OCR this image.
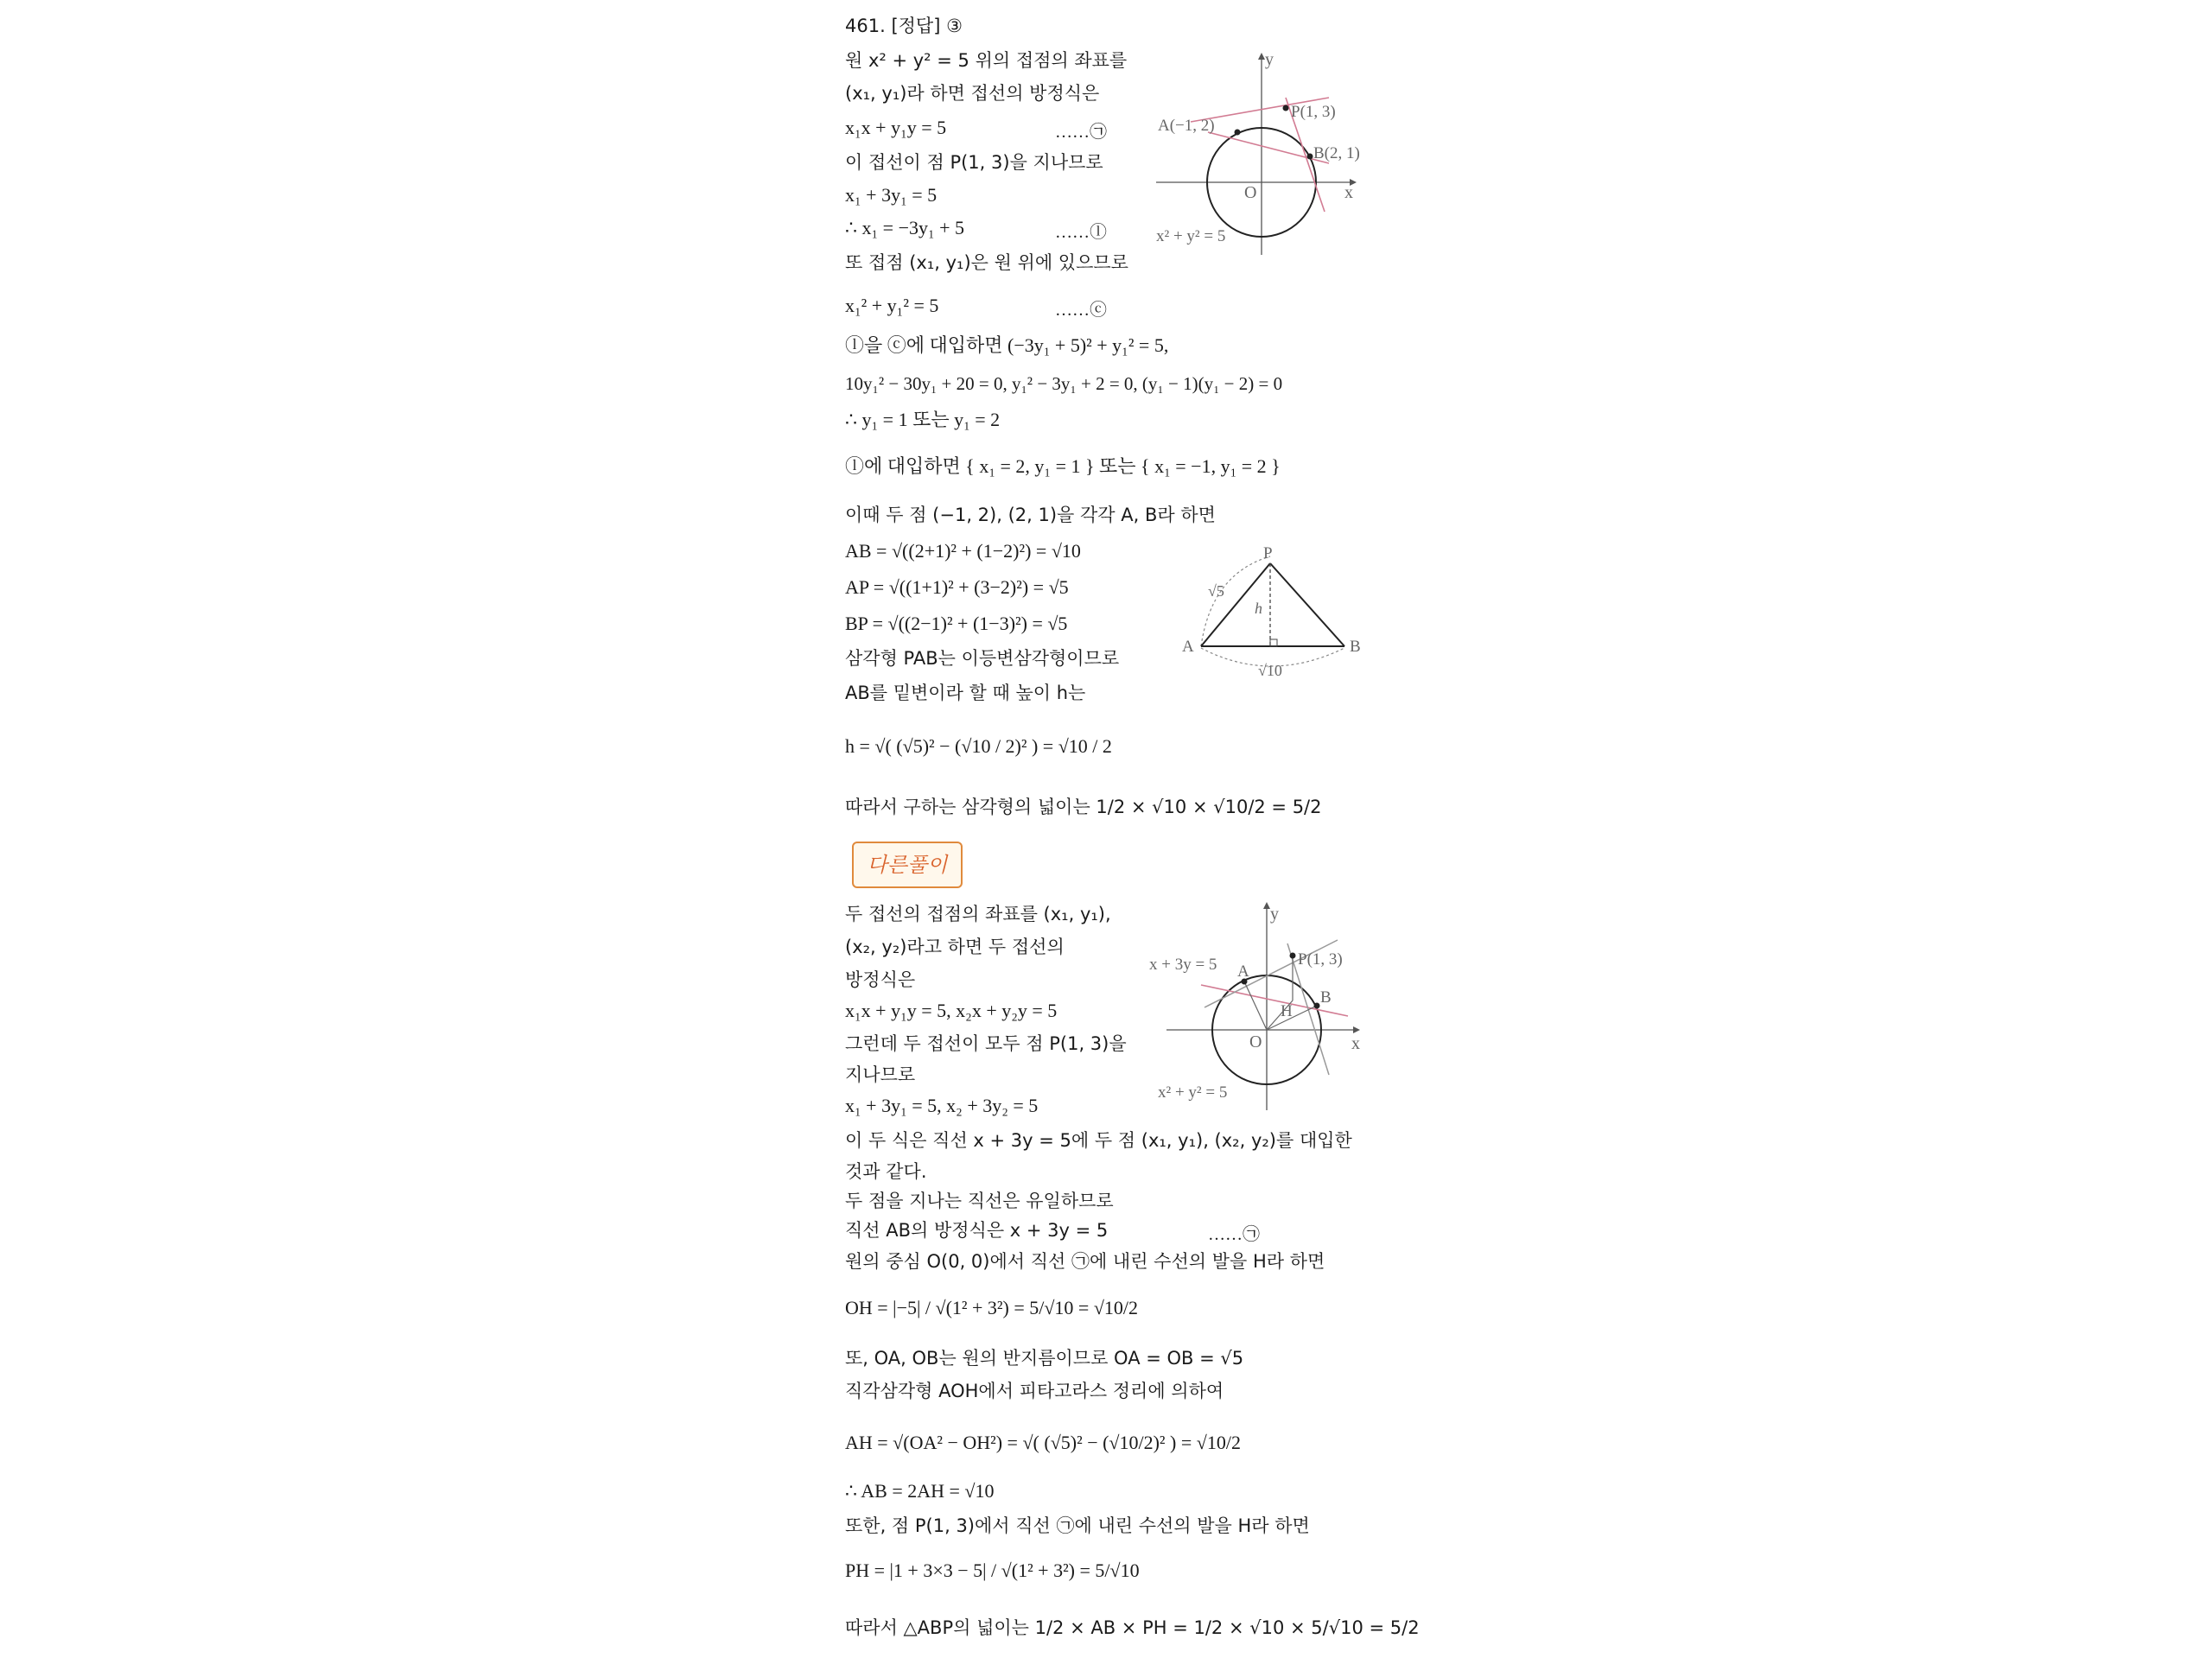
461. [정답] ③
원 x² + y² = 5 위의 접점의 좌표를
(x₁, y₁)라 하면 접선의 방정식은
x₁x + y₁y = 5	……㉠
이 접선이 점 P(1, 3)을 지나므로
x₁ + 3y₁ = 5
∴ x₁ = −3y₁ + 5	……ⓛ
또 접점 (x₁, y₁)은 원 위에 있으므로
x₁² + y₁² = 5	……ⓒ
ⓛ을 ⓒ에 대입하면 (−3y₁ + 5)² + y₁² = 5,
10y₁² − 30y₁ + 20 = 0, y₁² − 3y₁ + 2 = 0, (y₁ − 1)(y₁ − 2) = 0
∴ y₁ = 1 또는 y₁ = 2
ⓛ에 대입하면 { x₁ = 2, y₁ = 1 } 또는 { x₁ = −1, y₁ = 2 }
이때 두 점 (−1, 2), (2, 1)을 각각 A, B라 하면
AB = √((2+1)² + (1−2)²) = √10
AP = √((1+1)² + (3−2)²) = √5
BP = √((2−1)² + (1−3)²) = √5
삼각형 PAB는 이등변삼각형이므로
AB를 밑변이라 할 때 높이 h는
h = √( (√5)² − (√10 / 2)² ) = √10 / 2
따라서 구하는 삼각형의 넓이는 1/2 × √10 × √10/2 = 5/2
y
x
O
A(−1, 2)
P(1, 3)
B(2, 1)
x² + y² = 5
P
A	B
√5
h
√10
다른풀이
두 접선의 접점의 좌표를 (x₁, y₁),
(x₂, y₂)라고 하면 두 접선의
방정식은
x₁x + y₁y = 5, x₂x + y₂y = 5
그런데 두 접선이 모두 점 P(1, 3)을
지나므로
x₁ + 3y₁ = 5, x₂ + 3y₂ = 5
이 두 식은 직선 x + 3y = 5에 두 점 (x₁, y₁), (x₂, y₂)를 대입한
것과 같다.
두 점을 지나는 직선은 유일하므로
직선 AB의 방정식은 x + 3y = 5	……㉠
원의 중심 O(0, 0)에서 직선 ㉠에 내린 수선의 발을 H라 하면
OH = |−5| / √(1² + 3²) = 5/√10 = √10/2
또, OA, OB는 원의 반지름이므로 OA = OB = √5
직각삼각형 AOH에서 피타고라스 정리에 의하여
AH = √(OA² − OH²) = √( (√5)² − (√10/2)² ) = √10/2
∴ AB = 2AH = √10
또한, 점 P(1, 3)에서 직선 ㉠에 내린 수선의 발을 H라 하면
PH = |1 + 3×3 − 5| / √(1² + 3²) = 5/√10
따라서 △ABP의 넓이는 1/2 × AB × PH = 1/2 × √10 × 5/√10 = 5/2
y
x
O
A
B
H
P(1, 3)
x + 3y = 5
x² + y² = 5
